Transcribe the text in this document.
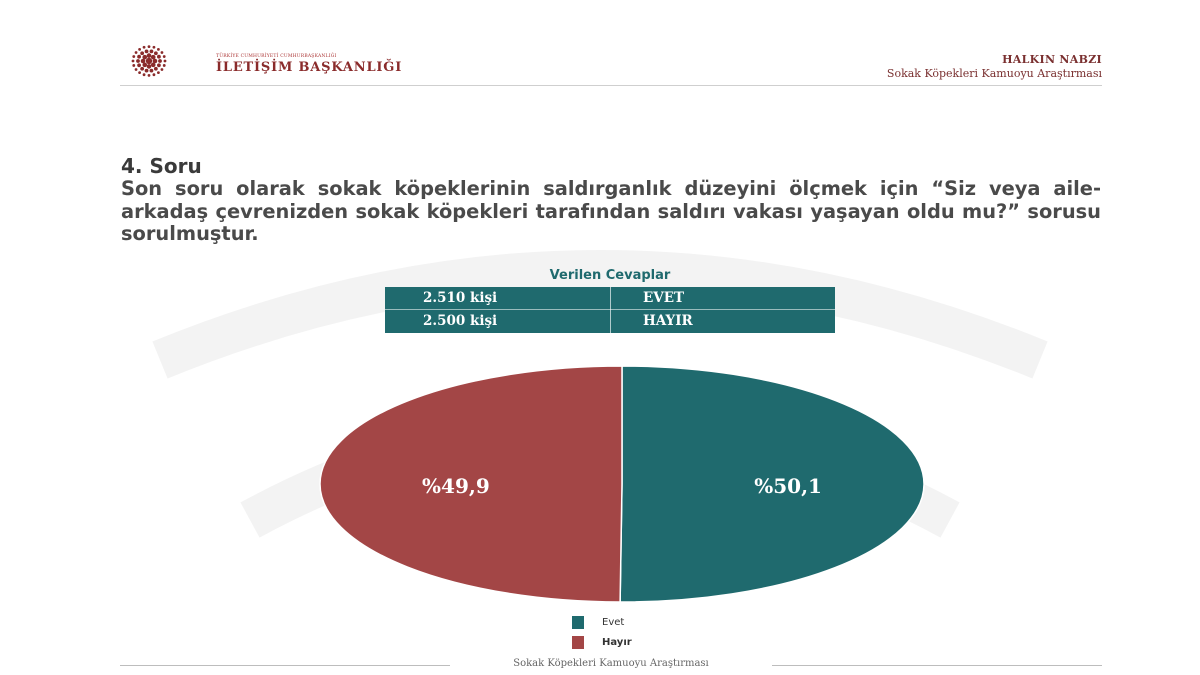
TÜRKİYE CUMHURİYETİ CUMHURBAŞKANLIĞI
İLETİŞİM BAŞKANLIĞI
HALKIN NABZI
Sokak Köpekleri Kamuoyu Araştırması
4. Soru
Son soru olarak sokak köpeklerinin saldırganlık düzeyini ölçmek için “Siz veya aile-arkadaş çevrenizden sokak köpekleri tarafından saldırı vakası yaşayan oldu mu?” sorusu sorulmuştur.
Verilen Cevaplar
2.510 kişi	EVET
2.500 kişi	HAYIR
%50,1
%49,9
Evet
Hayır
Sokak Köpekleri Kamuoyu Araştırması
